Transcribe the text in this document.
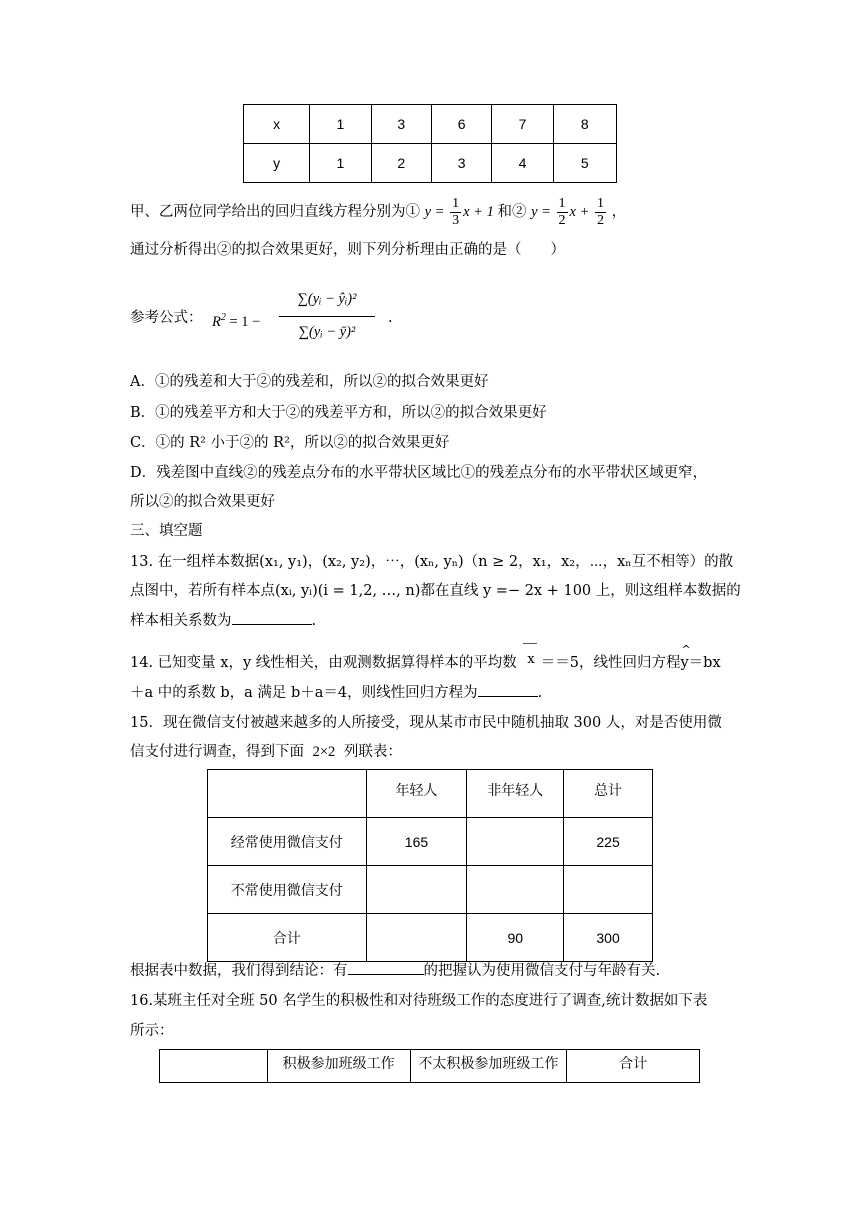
x	1	3	6	7	8
y	1	2	3	4	5
甲、乙两位同学给出的回归直线方程分别为① $y = \frac{1}{3}$ x + 1 和② $y = \frac{1}{2}$ $x + \frac{1}{2}$ ，
通过分析得出②的拟合效果更好，则下列分析理由正确的是（　　）
参考公式： $R^2 = 1$ −
∑(yᵢ − ŷᵢ)²
∑(yᵢ − ȳ)²
.
A．①的残差和大于②的残差和，所以②的拟合效果更好
B．①的残差平方和大于②的残差平方和，所以②的拟合效果更好
C．①的 R² 小于②的 R²，所以②的拟合效果更好
D．残差图中直线②的残差点分布的水平带状区域比①的残差点分布的水平带状区域更窄，
所以②的拟合效果更好
三、填空题
13. 在一组样本数据(x₁, y₁)，(x₂, y₂)，⋯，(xₙ, yₙ)（n ≥ 2，x₁，x₂，⋯，xₙ互不相等）的散
点图中，若所有样本点(xᵢ, yᵢ)(i = 1,2, …, n)都在直线 y =− 2x + 100 上，则这组样本数据的
样本相关系数为	.
14. 已知变量 x，y 线性相关，由观测数据算得样本的平均数 x ＝＝5，线性回归方程
^
y＝bx
＋a 中的系数 b，a 满足 b＋a＝4，则线性回归方程为	.
15．现在微信支付被越来越多的人所接受，现从某市市民中随机抽取 300 人，对是否使用微
信支付进行调查，得到下面 2×2 列联表：
	年轻人	非年轻人	总计
经常使用微信支付	165		225
不常使用微信支付			
合计		90	300
根据表中数据，我们得到结论：有	的把握认为使用微信支付与年龄有关.
16.某班主任对全班 50 名学生的积极性和对待班级工作的态度进行了调查,统计数据如下表
所示：
	积极参加班级工作	不太积极参加班级工作	合计
